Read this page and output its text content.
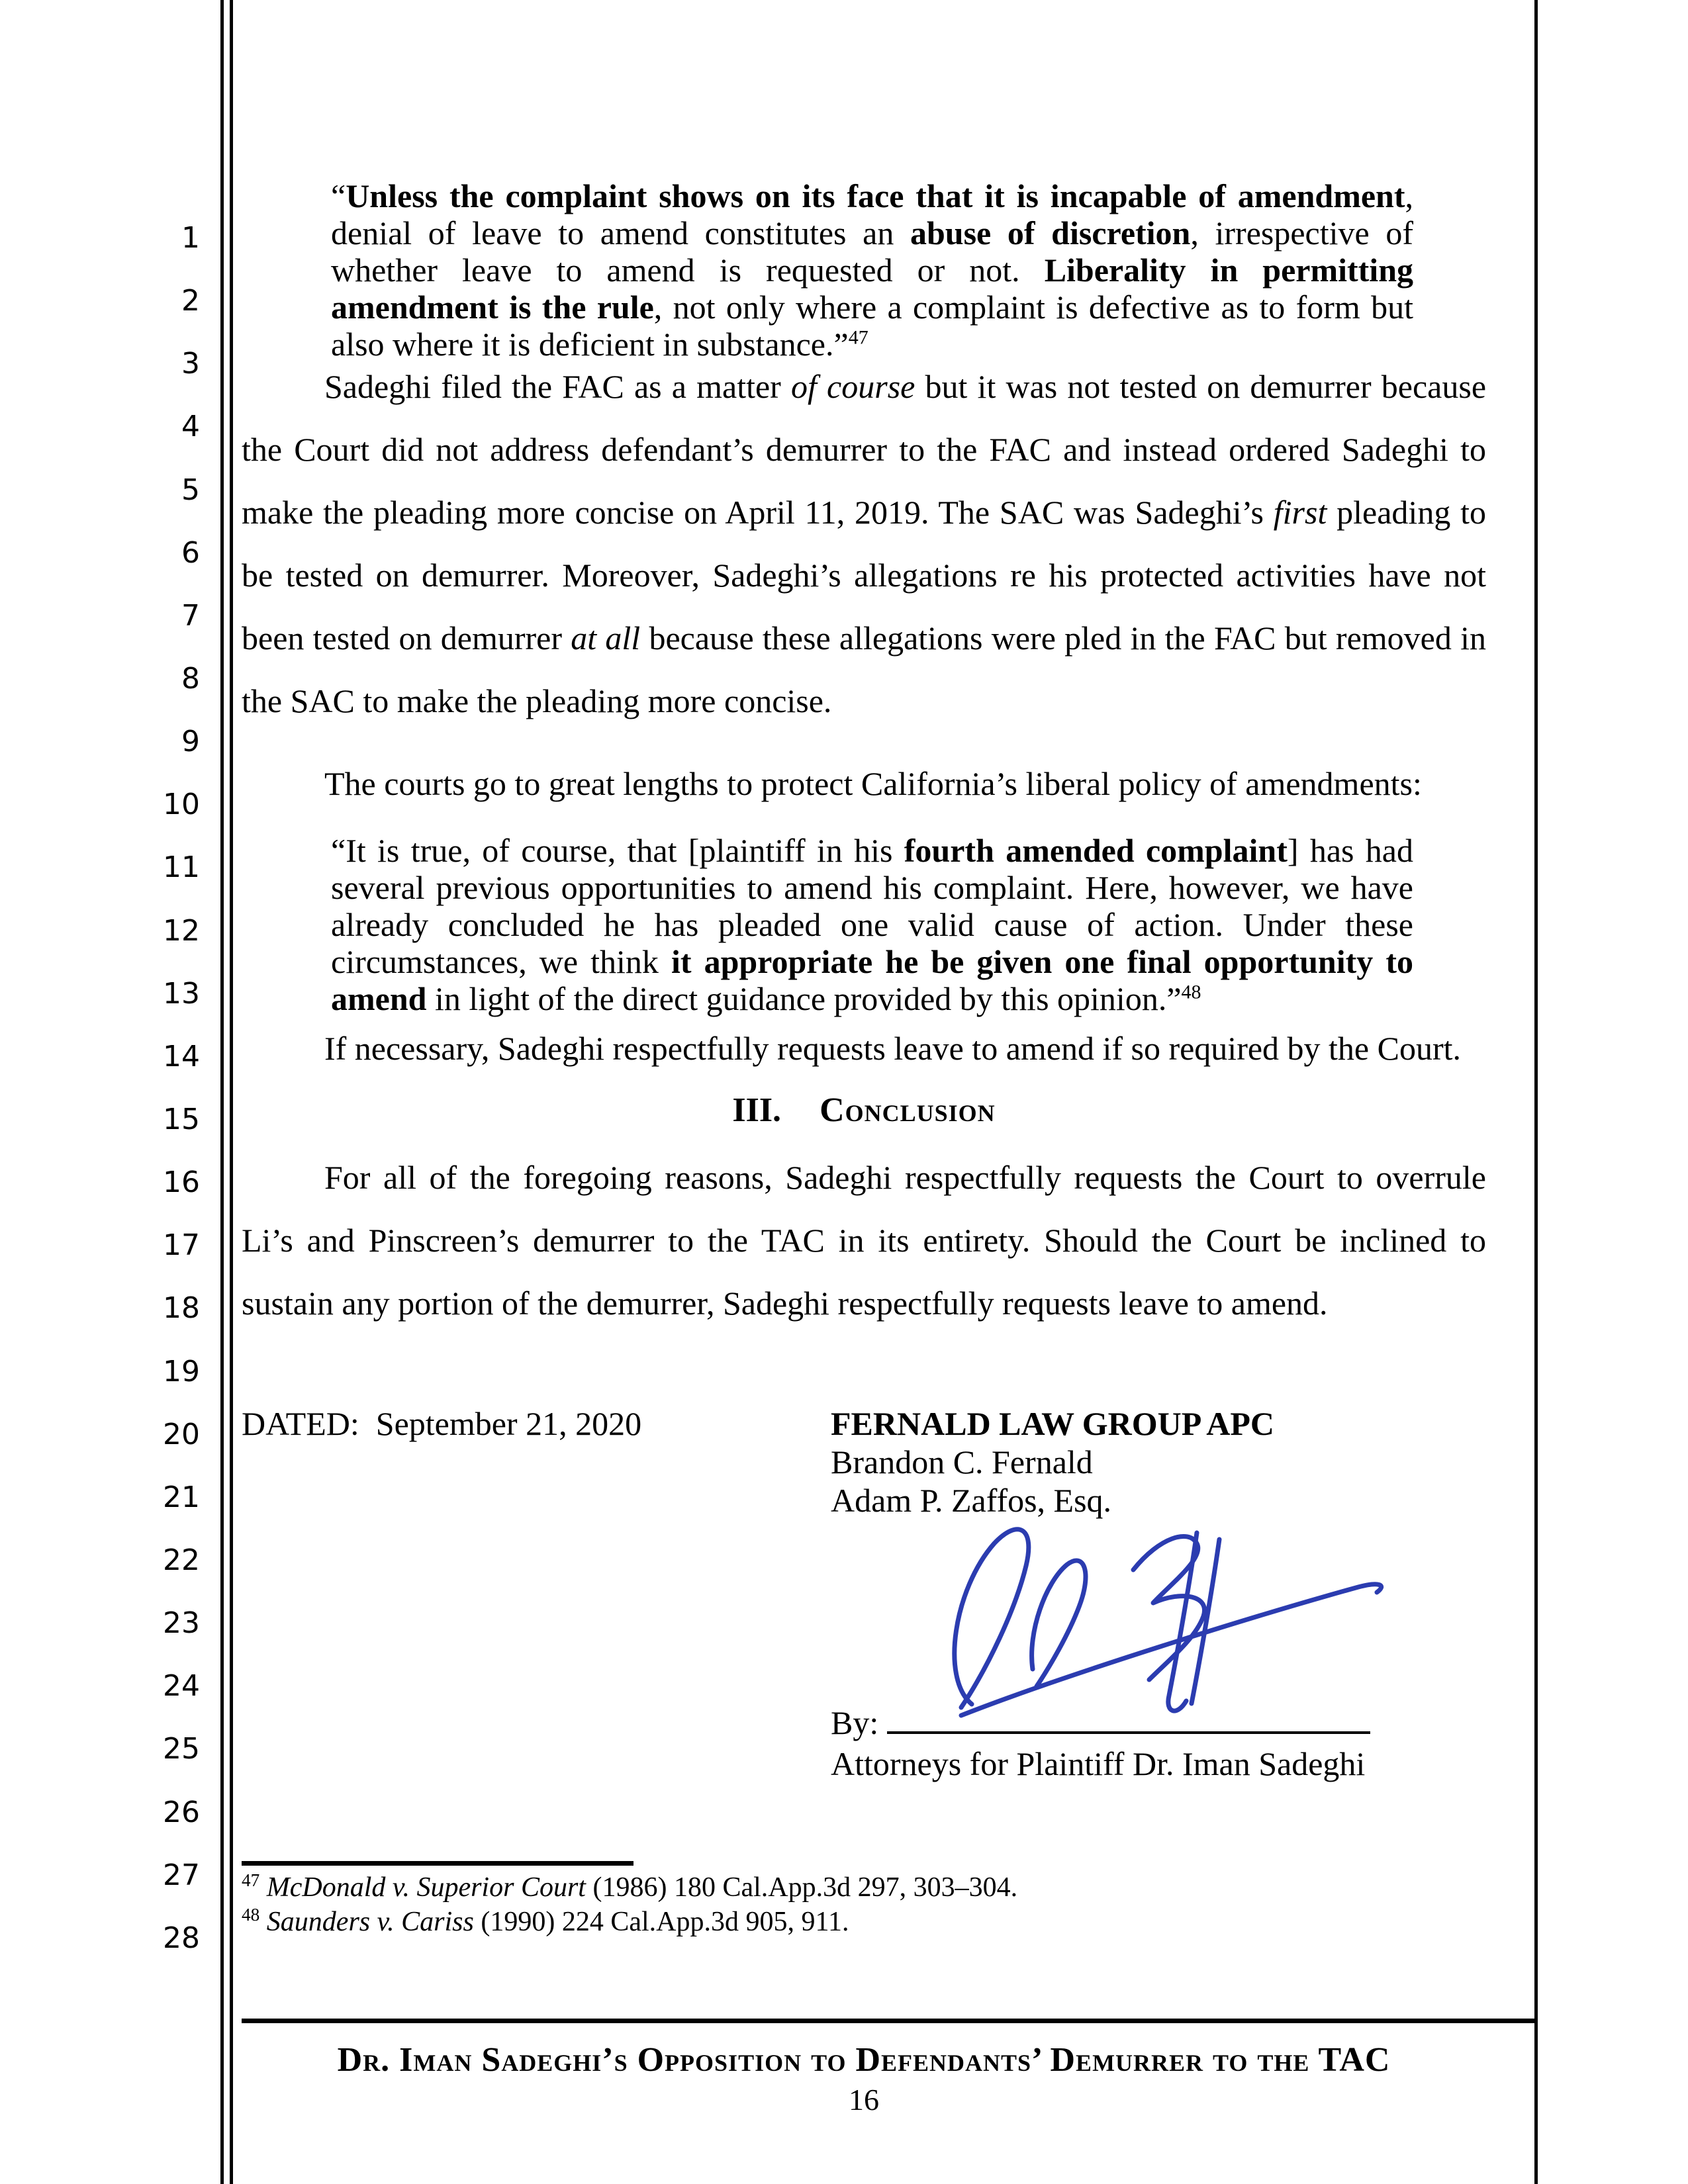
1
2
3
4
5
6
7
8
9
10
11
12
13
14
15
16
17
18
19
20
21
22
23
24
25
26
27
28
“Unless the complaint shows on its face that it is incapable of amendment, denial of leave to amend constitutes an abuse of discretion, irrespective of whether leave to amend is requested or not. Liberality in permitting amendment is the rule, not only where a complaint is defective as to form but also where it is deficient in substance.”$^{47}$
Sadeghi filed the FAC as a matter of course but it was not tested on demurrer because the Court did not address defendant’s demurrer to the FAC and instead ordered Sadeghi to make the pleading more concise on April 11, 2019. The SAC was Sadeghi’s first pleading to be tested on demurrer. Moreover, Sadeghi’s allegations re his protected activities have not been tested on demurrer at all because these allegations were pled in the FAC but removed in the SAC to make the pleading more concise.
The courts go to great lengths to protect California’s liberal policy of amendments:
“It is true, of course, that [plaintiff in his fourth amended complaint] has had several previous opportunities to amend his complaint. Here, however, we have already concluded he has pleaded one valid cause of action. Under these circumstances, we think it appropriate he be given one final opportunity to amend in light of the direct guidance provided by this opinion.”$^{48}$
If necessary, Sadeghi respectfully requests leave to amend if so required by the Court.
III. Conclusion
For all of the foregoing reasons, Sadeghi respectfully requests the Court to overrule Li’s and Pinscreen’s demurrer to the TAC in its entirety. Should the Court be inclined to sustain any portion of the demurrer, Sadeghi respectfully requests leave to amend.
DATED:  September 21, 2020	FERNALD LAW GROUP APC
Brandon C. Fernald
Adam P. Zaffos, Esq.
By:
Attorneys for Plaintiff Dr. Iman Sadeghi
$^{47}$ McDonald v. Superior Court (1986) 180 Cal.App.3d 297, 303–304.
$^{48}$ Saunders v. Cariss (1990) 224 Cal.App.3d 905, 911.
Dr. Iman Sadeghi’s Opposition to Defendants’ Demurrer to the TAC
16
